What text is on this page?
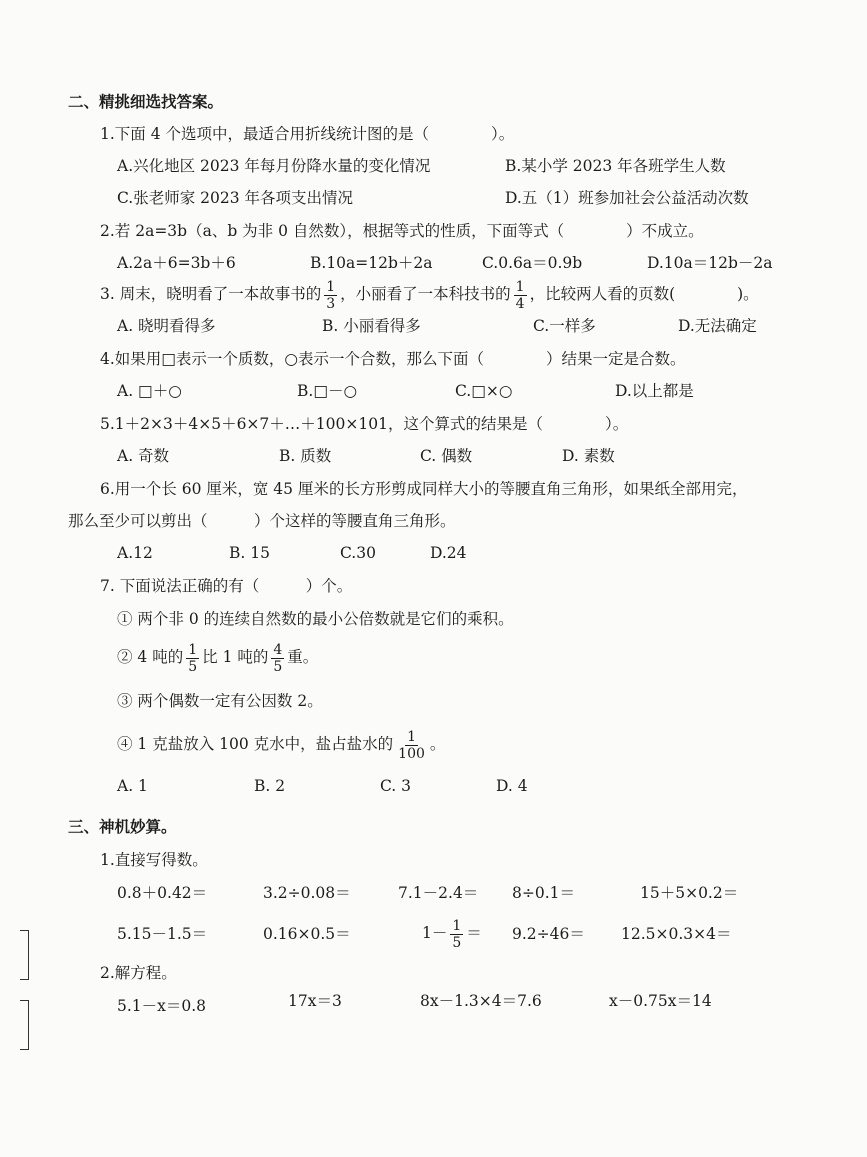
二、精挑细选找答案。
1.下面 4 个选项中，最适合用折线统计图的是（　　　　）。
A.兴化地区 2023 年每月份降水量的变化情况	B.某小学 2023 年各班学生人数
C.张老师家 2023 年各项支出情况	D.五（1）班参加社会公益活动次数
2.若 2a=3b（a、b 为非 0 自然数），根据等式的性质，下面等式（　　　　）不成立。
A.2a＋6=3b＋6	B.10a=12b＋2a	C.0.6a＝0.9b	D.10a＝12b－2a
3. 周末，晓明看了一本故事书的 $\frac{1}{3}$ ，小丽看了一本科技书的 $\frac{1}{4}$ ，比较两人看的页数(　　　　)。
A. 晓明看得多	B. 小丽看得多	C.一样多	D.无法确定
4.如果用□表示一个质数，○表示一个合数，那么下面（　　　　）结果一定是合数。
A. □＋○	B.□－○	C.□×○	D.以上都是
5.1＋2×3＋4×5＋6×7＋…＋100×101，这个算式的结果是（　　　　）。
A. 奇数	B. 质数	C. 偶数	D. 素数
6.用一个长 60 厘米，宽 45 厘米的长方形剪成同样大小的等腰直角三角形，如果纸全部用完，
那么至少可以剪出（　　　）个这样的等腰直角三角形。
A.12	B. 15	C.30	D.24
7. 下面说法正确的有（　　　）个。
① 两个非 0 的连续自然数的最小公倍数就是它们的乘积。
② 4 吨的 $\frac{1}{5}$ 比 1 吨的 $\frac{4}{5}$ 重。
③ 两个偶数一定有公因数 2。
④ 1 克盐放入 100 克水中，盐占盐水的 $\frac{1}{100}$ 。
A. 1	B. 2	C. 3	D. 4
三、神机妙算。
1.直接写得数。
0.8＋0.42＝	3.2÷0.08＝	7.1－2.4＝ 8÷0.1＝	15＋5×0.2＝
5.15－1.5＝	0.16×0.5＝	$1- \frac{1}{5} = 9.2\div 46= 12.5\times 0.3\times 4=$
2.解方程。
5.1－x＝0.8	17x＝3	8x－1.3×4＝7.6	x－0.75x＝14
